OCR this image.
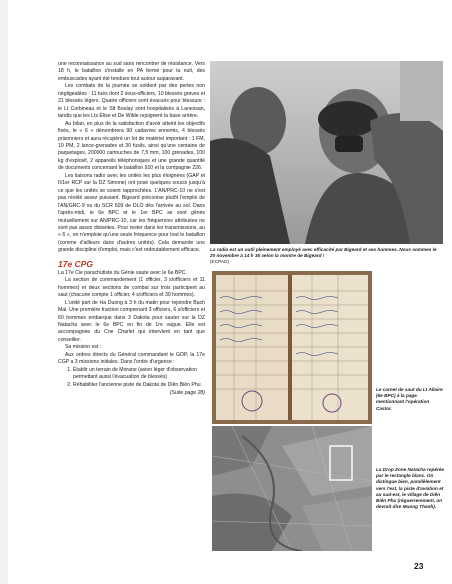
une reconnaissance au sud sans rencontrer de résistance. Vers 18 h, le bataillon s'installe en PA fermé pour la nuit, des embuscades ayant été tendues tout autour auparavant.

Les combats de la journée se soldent par des pertes non négligeables : 11 tués dont 2 sous-officiers, 10 blessés graves et 21 blessés légers. Quatre officiers sont évacués pour blessure : le Lt Corbineau et le Slt Boulay sont hospitalisés à Lanessan, tandis que les Lts Élise et De Wilde rejoignent la base arrière.

Au bilan, en plus de la satisfaction d'avoir atteint les objectifs fixés, le « 6 » dénombrera 90 cadavres ennemis, 4 blessés prisonniers et aura récupéré un lot de matériel important : 1 FM, 10 PM, 2 lance-grenades et 30 fusils, ainsi qu'une centaine de paquetages, 200000 cartouches de 7,5 mm, 100 grenades, 100 kg d'explosif, 2 appareils téléphoniques et une grande quantité de documents concernant le bataillon 910 et la compagnie 226.

Les liaisons radio avec les unités les plus éloignées (GAP et II/1er RCP sur la DZ Simone) ont posé quelques soucis jusqu'à ce que les unités se soient rapprochées. L'AN/PRC-10 ne s'est pas révélé assez puissant. Bigeard préconise plutôt l'emploi de l'AN/GRC-9 ou du SCR 609 de DLO dès l'arrivée au sol. Dans l'après-midi, le 6e BPC et le 1er BPC se sont gênés mutuellement sur AN/PRC-10, car les fréquences attribuées ne sont pas assez distantes. Pour rester dans les transmissions, au « 6 », on n'emploie qu'une seule fréquence pour tout le bataillon (comme d'ailleurs dans d'autres unités). Cela demande une grande discipline d'emploi, mais c'est redoutablement efficace.

17e CPG

La 17e Cie parachutiste du Génie saute avec le 6e BPC.

La section de commandement (1 officier, 3 s/officiers et 11 hommes) et deux sections de combat sur trois participent au saut (chacune compte 1 officier, 4 s/officiers et 30 hommes).

L'unité part de Ha Duong à 3 h du matin pour rejoindre Bach Mai. Une première fraction comprenant 3 officiers, 6 s/officiers et 60 hommes embarque dans 3 Dakota pour sauter sur la DZ Natacha avec le 6e BPC en fin de 1re vague. Elle est accompagnée du Cne Charlet qui intervient en tant que conseiller.

Sa mission est :

Aux ordres directs du Général commandant le GOP, la 17e CGP a 3 missions initiales. Dans l'ordre d'urgence :

1. Établir un terrain de Morane (avion léger d'observation permettant aussi l'évacuation de blessés)
2. Réhabiliter l'ancienne piste de Dakota de Diên Biên Phu
(Suite page 28)
La radio est un outil pleinement employé avec efficacité par Bigeard et ses hommes. Nous sommes le 20 novembre à 14 h 35 selon la montre de Bigeard !
(ECPAD)
Le carnet de saut du Lt Allaire (6e BPC) à la page mentionnant l'opération Castor.
La Drop Zone Natacha repérée par le rectangle blanc. On distingue bien, parallèlement vers l'est, la piste d'aviation et au sud-est, le village de Diên Biên Phu (réguerrerement, on devrait dire Muong Thanh).
23
